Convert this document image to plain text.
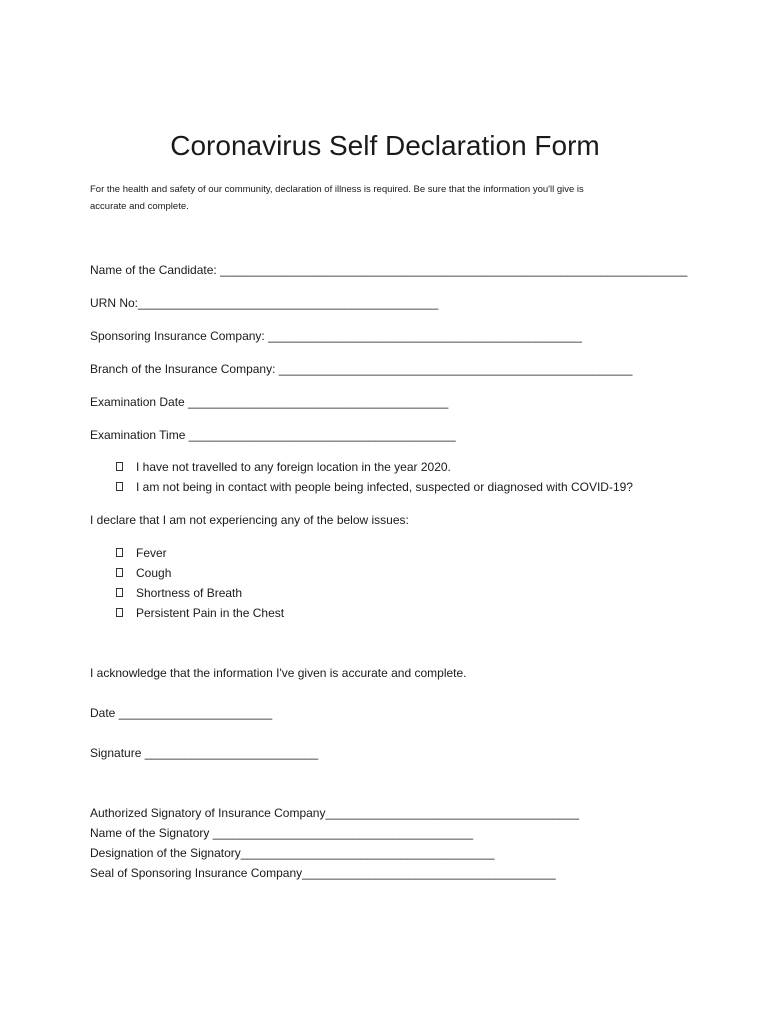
Coronavirus Self Declaration Form
For the health and safety of our community, declaration of illness is required. Be sure that the information you'll give is
accurate and complete.
Name of the Candidate: ______________________________________________________________________
URN No:_____________________________________________
Sponsoring Insurance Company: _______________________________________________
Branch of the Insurance Company: _____________________________________________________
Examination Date _______________________________________
Examination Time ________________________________________
I have not travelled to any foreign location in the year 2020.
I am not being in contact with people being infected, suspected or diagnosed with COVID-19?
I declare that I am not experiencing any of the below issues:
Fever
Cough
Shortness of Breath
Persistent Pain in the Chest
I acknowledge that the information I've given is accurate and complete.
Date _______________________
Signature __________________________
Authorized Signatory of Insurance Company______________________________________
Name of the Signatory _______________________________________
Designation of the Signatory______________________________________
Seal of Sponsoring Insurance Company______________________________________
